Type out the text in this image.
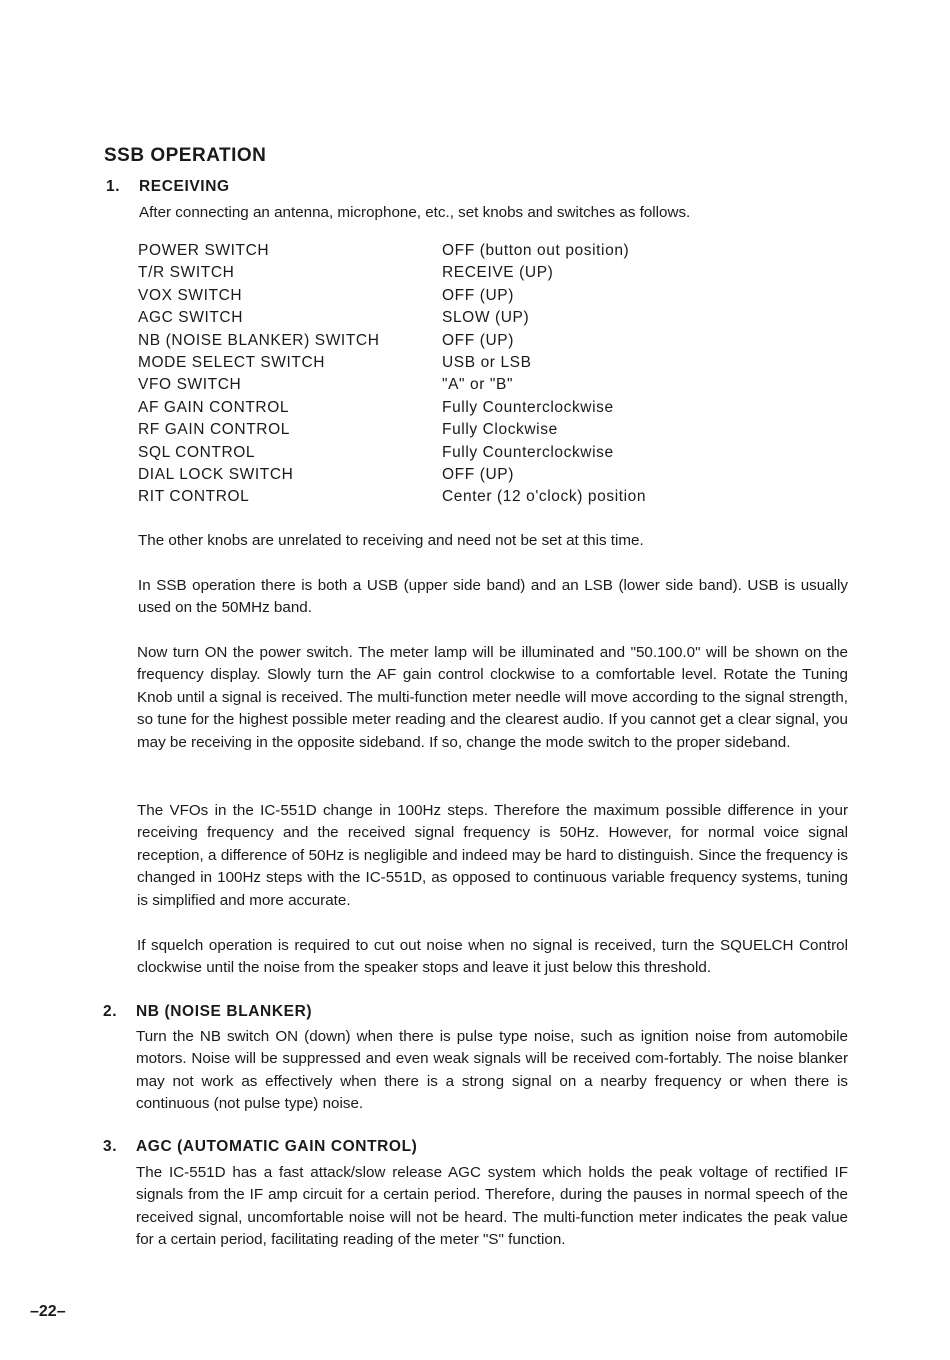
SSB OPERATION
1. RECEIVING

After connecting an antenna, microphone, etc., set knobs and switches as follows.

POWER SWITCH	OFF (button out position)
T/R SWITCH	RECEIVE (UP)
VOX SWITCH	OFF (UP)
AGC SWITCH	SLOW (UP)
NB (NOISE BLANKER) SWITCH	OFF (UP)
MODE SELECT SWITCH	USB or LSB
VFO SWITCH	"A" or "B"
AF GAIN CONTROL	Fully Counterclockwise
RF GAIN CONTROL	Fully Clockwise
SQL CONTROL	Fully Counterclockwise
DIAL LOCK SWITCH	OFF (UP)
RIT CONTROL	Center (12 o'clock) position

The other knobs are unrelated to receiving and need not be set at this time.

In SSB operation there is both a USB (upper side band) and an LSB (lower side band). USB is usually used on the 50MHz band.

Now turn ON the power switch. The meter lamp will be illuminated and "50.100.0" will be shown on the frequency display. Slowly turn the AF gain control clockwise to a comfortable level. Rotate the Tuning Knob until a signal is received. The multi-function meter needle will move according to the signal strength, so tune for the highest possible meter reading and the clearest audio. If you cannot get a clear signal, you may be receiving in the opposite sideband. If so, change the mode switch to the proper sideband.

The VFOs in the IC-551D change in 100Hz steps. Therefore the maximum possible difference in your receiving frequency and the received signal frequency is 50Hz. However, for normal voice signal reception, a difference of 50Hz is negligible and indeed may be hard to distinguish. Since the frequency is changed in 100Hz steps with the IC-551D, as opposed to continuous variable frequency systems, tuning is simplified and more accurate.

If squelch operation is required to cut out noise when no signal is received, turn the SQUELCH Control clockwise until the noise from the speaker stops and leave it just below this threshold.

2. NB (NOISE BLANKER)

Turn the NB switch ON (down) when there is pulse type noise, such as ignition noise from automobile motors. Noise will be suppressed and even weak signals will be received com-fortably. The noise blanker may not work as effectively when there is a strong signal on a nearby frequency or when there is continuous (not pulse type) noise.

3. AGC (AUTOMATIC GAIN CONTROL)

The IC-551D has a fast attack/slow release AGC system which holds the peak voltage of rectified IF signals from the IF amp circuit for a certain period. Therefore, during the pauses in normal speech of the received signal, uncomfortable noise will not be heard. The multi-function meter indicates the peak value for a certain period, facilitating reading of the meter "S" function.

–22–
